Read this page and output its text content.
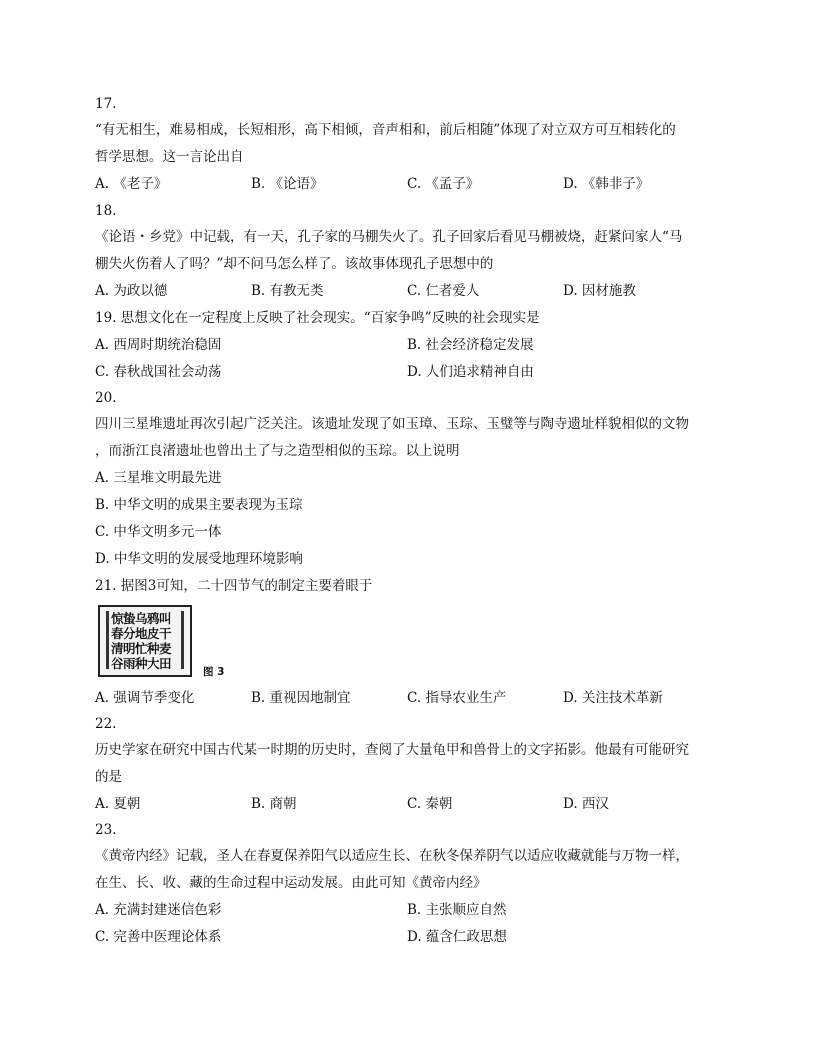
17.
“有无相生，难易相成，长短相形，高下相倾，音声相和，前后相随”体现了对立双方可互相转化的
哲学思想。这一言论出自
A. 《老子》	B. 《论语》	C. 《孟子》	D. 《韩非子》
18.
《论语・乡党》中记载，有一天，孔子家的马棚失火了。孔子回家后看见马棚被烧，赶紧问家人“马
棚失火伤着人了吗？”却不问马怎么样了。该故事体现孔子思想中的
A. 为政以德	B. 有教无类	C. 仁者爱人	D. 因材施教
19. 思想文化在一定程度上反映了社会现实。“百家争鸣”反映的社会现实是
A. 西周时期统治稳固	B. 社会经济稳定发展
C. 春秋战国社会动荡	D. 人们追求精神自由
20.
四川三星堆遗址再次引起广泛关注。该遗址发现了如玉璋、玉琮、玉璧等与陶寺遗址样貌相似的文物
，而浙江良渚遗址也曾出土了与之造型相似的玉琮。以上说明
A. 三星堆文明最先进
B. 中华文明的成果主要表现为玉琮
C. 中华文明多元一体
D. 中华文明的发展受地理环境影响
21. 据图3可知，二十四节气的制定主要着眼于
惊蛰乌鸦叫
春分地皮干
清明忙种麦
谷雨种大田
图 3
A. 强调节季变化	B. 重视因地制宜	C. 指导农业生产	D. 关注技术革新
22.
历史学家在研究中国古代某一时期的历史时，查阅了大量龟甲和兽骨上的文字拓影。他最有可能研究
的是
A. 夏朝	B. 商朝	C. 秦朝	D. 西汉
23.
《黄帝内经》记载，圣人在春夏保养阳气以适应生长、在秋冬保养阴气以适应收藏就能与万物一样，
在生、长、收、藏的生命过程中运动发展。由此可知《黄帝内经》
A. 充满封建迷信色彩	B. 主张顺应自然
C. 完善中医理论体系	D. 蕴含仁政思想
